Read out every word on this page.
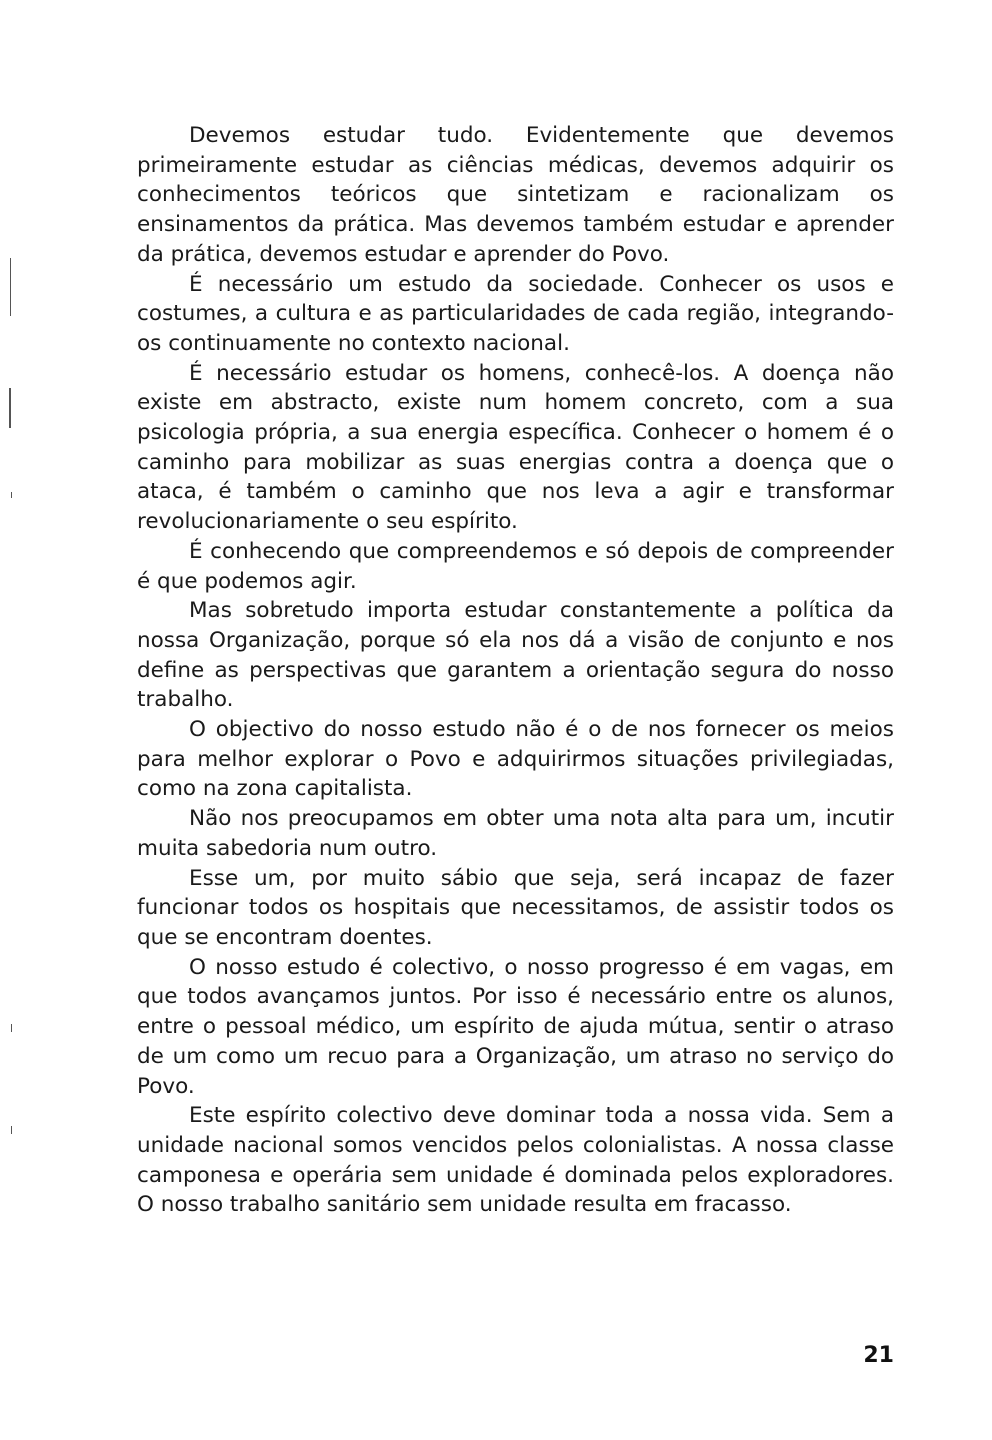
Devemos estudar tudo. Evidentemente que devemos primeiramente estudar as ciências médicas, devemos adquirir os conhecimentos teóricos que sintetizam e racionalizam os ensinamentos da prática. Mas devemos também estudar e aprender da prática, devemos estudar e aprender do Povo.

É necessário um estudo da sociedade. Conhecer os usos e costumes, a cultura e as particularidades de cada região, integrando-os continuamente no contexto nacional.

É necessário estudar os homens, conhecê-los. A doença não existe em abstracto, existe num homem concreto, com a sua psicologia própria, a sua energia específica. Conhecer o homem é o caminho para mobilizar as suas energias contra a doença que o ataca, é também o caminho que nos leva a agir e transformar revolucionariamente o seu espírito.

É conhecendo que compreendemos e só depois de compreender é que podemos agir.

Mas sobretudo importa estudar constantemente a política da nossa Organização, porque só ela nos dá a visão de conjunto e nos define as perspectivas que garantem a orientação segura do nosso trabalho.

O objectivo do nosso estudo não é o de nos fornecer os meios para melhor explorar o Povo e adquirirmos situações privilegiadas, como na zona capitalista.

Não nos preocupamos em obter uma nota alta para um, incutir muita sabedoria num outro.

Esse um, por muito sábio que seja, será incapaz de fazer funcionar todos os hospitais que necessitamos, de assistir todos os que se encontram doentes.

O nosso estudo é colectivo, o nosso progresso é em vagas, em que todos avançamos juntos. Por isso é necessário entre os alunos, entre o pessoal médico, um espírito de ajuda mútua, sentir o atraso de um como um recuo para a Organização, um atraso no serviço do Povo.

Este espírito colectivo deve dominar toda a nossa vida. Sem a unidade nacional somos vencidos pelos colonialistas. A nossa classe camponesa e operária sem unidade é dominada pelos exploradores. O nosso trabalho sanitário sem unidade resulta em fracasso.

21
